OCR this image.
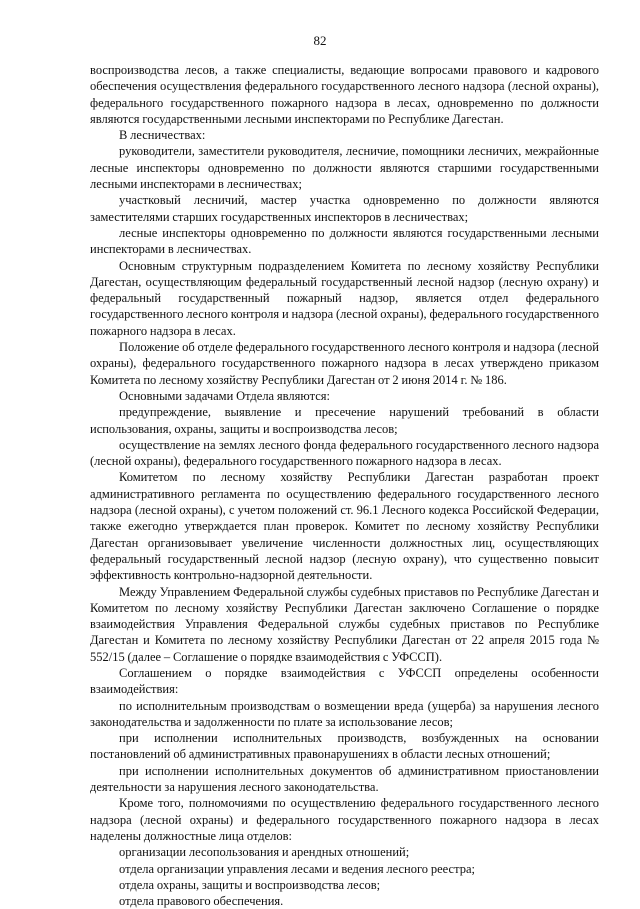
82

воспроизводства лесов, а также специалисты, ведающие вопросами правового и кадрового обеспечения осуществления федерального государственного лесного надзора (лесной охраны), федерального государственного пожарного надзора в лесах, одновременно по должности являются государственными лесными инспекторами по Республике Дагестан.

В лесничествах:

руководители, заместители руководителя, лесничие, помощники лесничих, межрайонные лесные инспекторы одновременно по должности являются старшими государственными лесными инспекторами в лесничествах;

участковый лесничий, мастер участка одновременно по должности являются заместителями старших государственных инспекторов в лесничествах;

лесные инспекторы одновременно по должности являются государственными лесными инспекторами в лесничествах.

Основным структурным подразделением Комитета по лесному хозяйству Республики Дагестан, осуществляющим федеральный государственный лесной надзор (лесную охрану) и федеральный государственный пожарный надзор, является отдел федерального государственного лесного контроля и надзора (лесной охраны), федерального государственного пожарного надзора в лесах.

Положение об отделе федерального государственного лесного контроля и надзора (лесной охраны), федерального государственного пожарного надзора в лесах утверждено приказом Комитета по лесному хозяйству Республики Дагестан от 2 июня 2014 г. № 186.

Основными задачами Отдела являются:

предупреждение, выявление и пресечение нарушений требований в области использования, охраны, защиты и воспроизводства лесов;

осуществление на землях лесного фонда федерального государственного лесного надзора (лесной охраны), федерального государственного пожарного надзора в лесах.

Комитетом по лесному хозяйству Республики Дагестан разработан проект административного регламента по осуществлению федерального государственного лесного надзора (лесной охраны), с учетом положений ст. 96.1 Лесного кодекса Российской Федерации, также ежегодно утверждается план проверок. Комитет по лесному хозяйству Республики Дагестан организовывает увеличение численности должностных лиц, осуществляющих федеральный государственный лесной надзор (лесную охрану), что существенно повысит эффективность контрольно-надзорной деятельности.

Между Управлением Федеральной службы судебных приставов по Республике Дагестан и Комитетом по лесному хозяйству Республики Дагестан заключено Соглашение о порядке взаимодействия Управления Федеральной службы судебных приставов по Республике Дагестан и Комитета по лесному хозяйству Республики Дагестан от 22 апреля 2015 года № 552/15 (далее – Соглашение о порядке взаимодействия с УФССП).

Соглашением о порядке взаимодействия с УФССП определены особенности взаимодействия:

по исполнительным производствам о возмещении вреда (ущерба) за нарушения лесного законодательства и задолженности по плате за использование лесов;

при исполнении исполнительных производств, возбужденных на основании постановлений об административных правонарушениях в области лесных отношений;

при исполнении исполнительных документов об административном приостановлении деятельности за нарушения лесного законодательства.

Кроме того, полномочиями по осуществлению федерального государственного лесного надзора (лесной охраны) и федерального государственного пожарного надзора в лесах наделены должностные лица отделов:

организации лесопользования и арендных отношений;

отдела организации управления лесами и ведения лесного реестра;

отдела охраны, защиты и воспроизводства лесов;

отдела правового обеспечения.
